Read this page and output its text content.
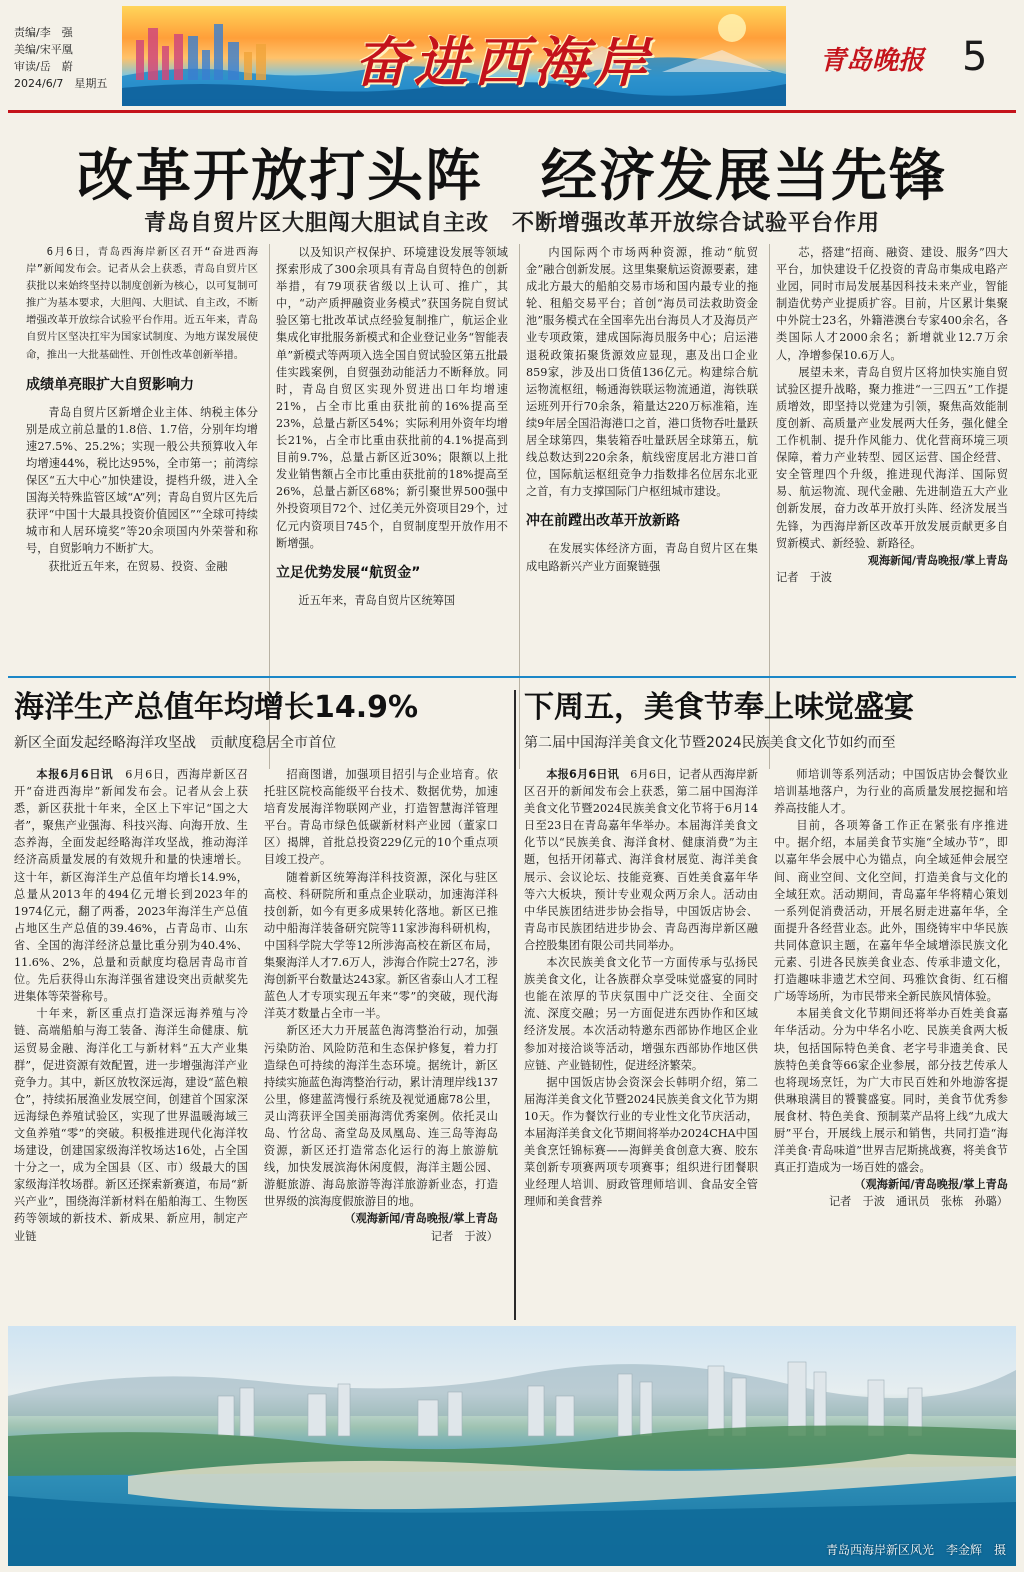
责编/李　强
美编/宋平凰
审读/岳　蔚
2024/6/7　星期五	奋进西海岸	青岛晚报 5
改革开放打头阵　经济发展当先锋
青岛自贸片区大胆闯大胆试自主改　不断增强改革开放综合试验平台作用

6月6日，青岛西海岸新区召开“奋进西海岸”新闻发布会。记者从会上获悉，青岛自贸片区获批以来始终坚持以制度创新为核心，以可复制可推广为基本要求，大胆闯、大胆试、自主改，不断增强改革开放综合试验平台作用。近五年来，青岛自贸片区坚决扛牢为国家试制度、为地方谋发展使命，推出一大批基础性、开创性改革创新举措。

成绩单亮眼扩大自贸影响力

青岛自贸片区新增企业主体、纳税主体分别是成立前总量的1.8倍、1.7倍，分别年均增速27.5%、25.2%；实现一般公共预算收入年均增速44%，税比达95%，全市第一；前湾综保区“五大中心”加快建设，提档升级，进入全国海关特殊监管区域“A”列；青岛自贸片区先后获评“中国十大最具投资价值园区”“全球可持续城市和人居环境奖”等20余项国内外荣誉和称号，自贸影响力不断扩大。

获批近五年来，在贸易、投资、金融

以及知识产权保护、环境建设发展等领域探索形成了300余项具有青岛自贸特色的创新举措，有79项获省级以上认可、推广，其中，“动产质押融资业务模式”获国务院自贸试验区第七批改革试点经验复制推广，航运企业集成化审批服务新模式和企业登记业务“智能表单”新模式等两项入选全国自贸试验区第五批最佳实践案例，自贸强劲动能活力不断释放。同时，青岛自贸区实现外贸进出口年均增速21%，占全市比重由获批前的16%提高至23%，总量占新区54%；实际利用外资年均增长21%，占全市比重由获批前的4.1%提高到目前9.7%，总量占新区近30%；限额以上批发业销售额占全市比重由获批前的18%提高至26%，总量占新区68%；新引聚世界500强中外投资项目72个、过亿美元外资项目29个，过亿元内资项目745个，自贸制度型开放作用不断增强。

立足优势发展“航贸金”

近五年来，青岛自贸片区统筹国

内国际两个市场两种资源，推动“航贸金”融合创新发展。这里集聚航运资源要素，建成北方最大的船舶交易市场和国内最专业的拖轮、租船交易平台；首创“海员司法救助资金池”服务模式在全国率先出台海员人才及海员产业专项政策，建成国际海员服务中心；启运港退税政策拓聚货源效应显现，惠及出口企业859家，涉及出口货值136亿元。构建综合航运物流枢纽，畅通海铁联运物流通道，海铁联运班列开行70余条，箱量达220万标准箱，连续9年居全国沿海港口之首，港口货物吞吐量跃居全球第四，集装箱吞吐量跃居全球第五，航线总数达到220余条，航线密度居北方港口首位，国际航运枢纽竞争力指数排名位居东北亚之首，有力支撑国际门户枢纽城市建设。

冲在前蹚出改革开放新路

在发展实体经济方面，青岛自贸片区在集成电路新兴产业方面聚链强

芯，搭建“招商、融资、建设、服务”四大平台，加快建设千亿投资的青岛市集成电路产业园，同时市局发展基因科技未来产业，智能制造优势产业提质扩容。目前，片区累计集聚中外院士23名，外籍港澳台专家400余名，各类国际人才2000余名；新增就业12.7万余人，净增参保10.6万人。

展望未来，青岛自贸片区将加快实施自贸试验区提升战略，聚力推进“一三四五”工作提质增效，即坚持以党建为引领，聚焦高效能制度创新、高质量产业发展两大任务，强化健全工作机制、提升作风能力、优化营商环境三项保障，着力产业转型、园区运营、国企经营、安全管理四个升级，推进现代海洋、国际贸易、航运物流、现代金融、先进制造五大产业创新发展，奋力改革开放打头阵、经济发展当先锋，为西海岸新区改革开放发展贡献更多自贸新模式、新经验、新路径。

观海新闻/青岛晚报/掌上青岛

记者　于波

海洋生产总值年均增长14.9%
新区全面发起经略海洋攻坚战　贡献度稳居全市首位

本报6月6日讯　 6月6日，西海岸新区召开“奋进西海岸”新闻发布会。记者从会上获悉，新区获批十年来，全区上下牢记“国之大者”，聚焦产业强海、科技兴海、向海开放、生态养海，全面发起经略海洋攻坚战，推动海洋经济高质量发展的有效规升和量的快速增长。这十年，新区海洋生产总值年均增长14.9%，总量从2013年的494亿元增长到2023年的1974亿元，翻了两番，2023年海洋生产总值占地区生产总值的39.46%，占青岛市、山东省、全国的海洋经济总量比重分别为40.4%、11.6%、2%，总量和贡献度均稳居青岛市首位。先后获得山东海洋强省建设突出贡献奖先进集体等荣誉称号。

十年来，新区重点打造深远海养殖与冷链、高端船舶与海工装备、海洋生命健康、航运贸易金融、海洋化工与新材料“五大产业集群”，促进资源有效配置，进一步增强海洋产业竞争力。其中，新区放牧深远海，建设“蓝色粮仓”，持续拓展渔业发展空间，创建首个国家深远海绿色养殖试验区，实现了世界温暖海域三文鱼养殖“零”的突破。积极推进现代化海洋牧场建设，创建国家级海洋牧场达16处，占全国十分之一，成为全国县（区、市）级最大的国家级海洋牧场群。新区还探索新赛道，布局“新兴产业”，围绕海洋新材料在船舶海工、生物医药等领域的新技术、新成果、新应用，制定产业链

招商图谱，加强项目招引与企业培育。依托驻区院校高能级平台技术、数据优势，加速培育发展海洋物联网产业，打造智慧海洋管理平台。青岛市绿色低碳新材料产业园（董家口区）揭牌，首批总投资229亿元的10个重点项目竣工投产。

随着新区统筹海洋科技资源，深化与驻区高校、科研院所和重点企业联动，加速海洋科技创新，如今有更多成果转化落地。新区已推动中船海洋装备研究院等11家涉海科研机构，中国科学院大学等12所涉海高校在新区布局，集聚海洋人才7.6万人，涉海合作院士27名，涉海创新平台数量达243家。新区省泰山人才工程蓝色人才专项实现五年来“零”的突破，现代海洋英才数量占全市一半。

新区还大力开展蓝色海湾整治行动，加强污染防治、风险防范和生态保护修复，着力打造绿色可持续的海洋生态环境。据统计，新区持续实施蓝色海湾整治行动，累计清理岸线137公里，修建蓝湾慢行系统及视觉通廊78公里，灵山湾获评全国美丽海湾优秀案例。依托灵山岛、竹岔岛、斋堂岛及凤凰岛、连三岛等海岛资源，新区还打造常态化运行的海上旅游航线，加快发展滨海休闲度假，海洋主题公园、游艇旅游、海岛旅游等海洋旅游新业态，打造世界级的滨海度假旅游目的地。

（观海新闻/青岛晚报/掌上青岛

记者　于波）

下周五，美食节奉上味觉盛宴
第二届中国海洋美食文化节暨2024民族美食文化节如约而至

本报6月6日讯　 6月6日，记者从西海岸新区召开的新闻发布会上获悉，第二届中国海洋美食文化节暨2024民族美食文化节将于6月14日至23日在青岛嘉年华举办。本届海洋美食文化节以“民族美食、海洋食材、健康消费”为主题，包括开闭幕式、海洋食材展览、海洋美食展示、会议论坛、技能竞赛、百姓美食嘉年华等六大板块，预计专业观众两万余人。活动由中华民族团结进步协会指导，中国饭店协会、青岛市民族团结进步协会、青岛西海岸新区融合控股集团有限公司共同举办。

本次民族美食文化节一方面传承与弘扬民族美食文化，让各族群众享受味觉盛宴的同时也能在浓厚的节庆氛围中广泛交往、全面交流、深度交融；另一方面促进东西协作和区域经济发展。本次活动特邀东西部协作地区企业参加对接洽谈等活动，增强东西部协作地区供应链、产业链韧性，促进经济繁荣。

据中国饭店协会资深会长韩明介绍，第二届海洋美食文化节暨2024民族美食文化节为期10天。作为餐饮行业的专业性文化节庆活动，本届海洋美食文化节期间将举办2024CHA中国美食烹饪锦标赛——海鲜美食创意大赛、胶东菜创新专项赛两项专项赛事；组织进行团餐职业经理人培训、厨政管理师培训、食品安全管理师和美食营养

师培训等系列活动；中国饭店协会餐饮业培训基地落户，为行业的高质量发展挖掘和培养高技能人才。

目前，各项筹备工作正在紧张有序推进中。据介绍，本届美食节实施“全域办节”，即以嘉年华会展中心为锚点，向全域延伸会展空间、商业空间、文化空间，打造美食与文化的全域狂欢。活动期间，青岛嘉年华将精心策划一系列促消费活动，开展名厨走进嘉年华，全面提升各经营业态。此外，围绕铸牢中华民族共同体意识主题，在嘉年华全域增添民族文化元素、引进各民族美食业态、传承非遗文化，打造趣味非遗艺术空间、玛雅饮食街、红石榴广场等场所，为市民带来全新民族风情体验。

本届美食文化节期间还将举办百姓美食嘉年华活动。分为中华名小吃、民族美食两大板块，包括国际特色美食、老字号非遗美食、民族特色美食等66家企业参展，部分技艺传承人也将现场烹饪，为广大市民百姓和外地游客提供琳琅满目的饕餮盛宴。同时，美食节优秀参展食材、特色美食、预制菜产品将上线“九成大厨”平台，开展线上展示和销售，共同打造“海洋美食·青岛味道”世界吉尼斯挑战赛，将美食节真正打造成为一场百姓的盛会。

（观海新闻/青岛晚报/掌上青岛

记者　于波　通讯员　张栋　孙璐）

青岛西海岸新区风光　李金辉　摄
